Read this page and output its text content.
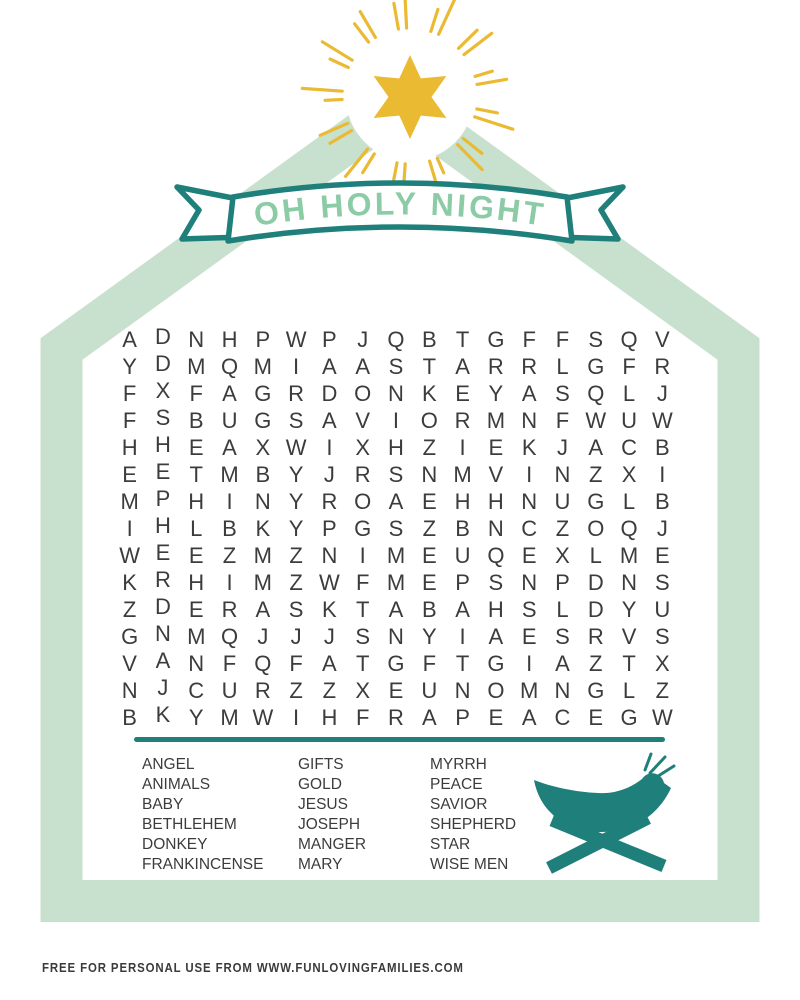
OH HOLY NIGHT
A D N H P W P J Q B T G F F S Q V
Y D M Q M I	A A S T A R R L G F R
F X F A G R D O N K E Y A S Q L J
F S B U G S A V	I O R M N F W U W
H H E A X W I	X H Z	I	E K J A C B
E E T M B Y J R S N M V	I	N Z X	I
M P H	I	N Y R O A E H H N U G L B
I	H L B K Y P G S Z B N C Z O Q J
W E E Z M Z N	I M E U Q E X L M E
K R H	I M Z W F M E P S N P D N S
Z D E R A S K T A B A H S L D Y U
G N M Q J	J	J S N Y	I	A E S R V S
V A N F Q F A T G F T G I	A Z T X
N J C U R Z Z X E U N O M N G L Z
B K Y M W I	H F R A P E A C E G W
ANGEL
ANIMALS
BABY
BETHLEHEM
DONKEY
FRANKINCENSE
GIFTS
GOLD
JESUS
JOSEPH
MANGER
MARY
MYRRH
PEACE
SAVIOR
SHEPHERD
STAR
WISE MEN
FREE FOR PERSONAL USE FROM WWW.FUNLOVINGFAMILIES.COM
